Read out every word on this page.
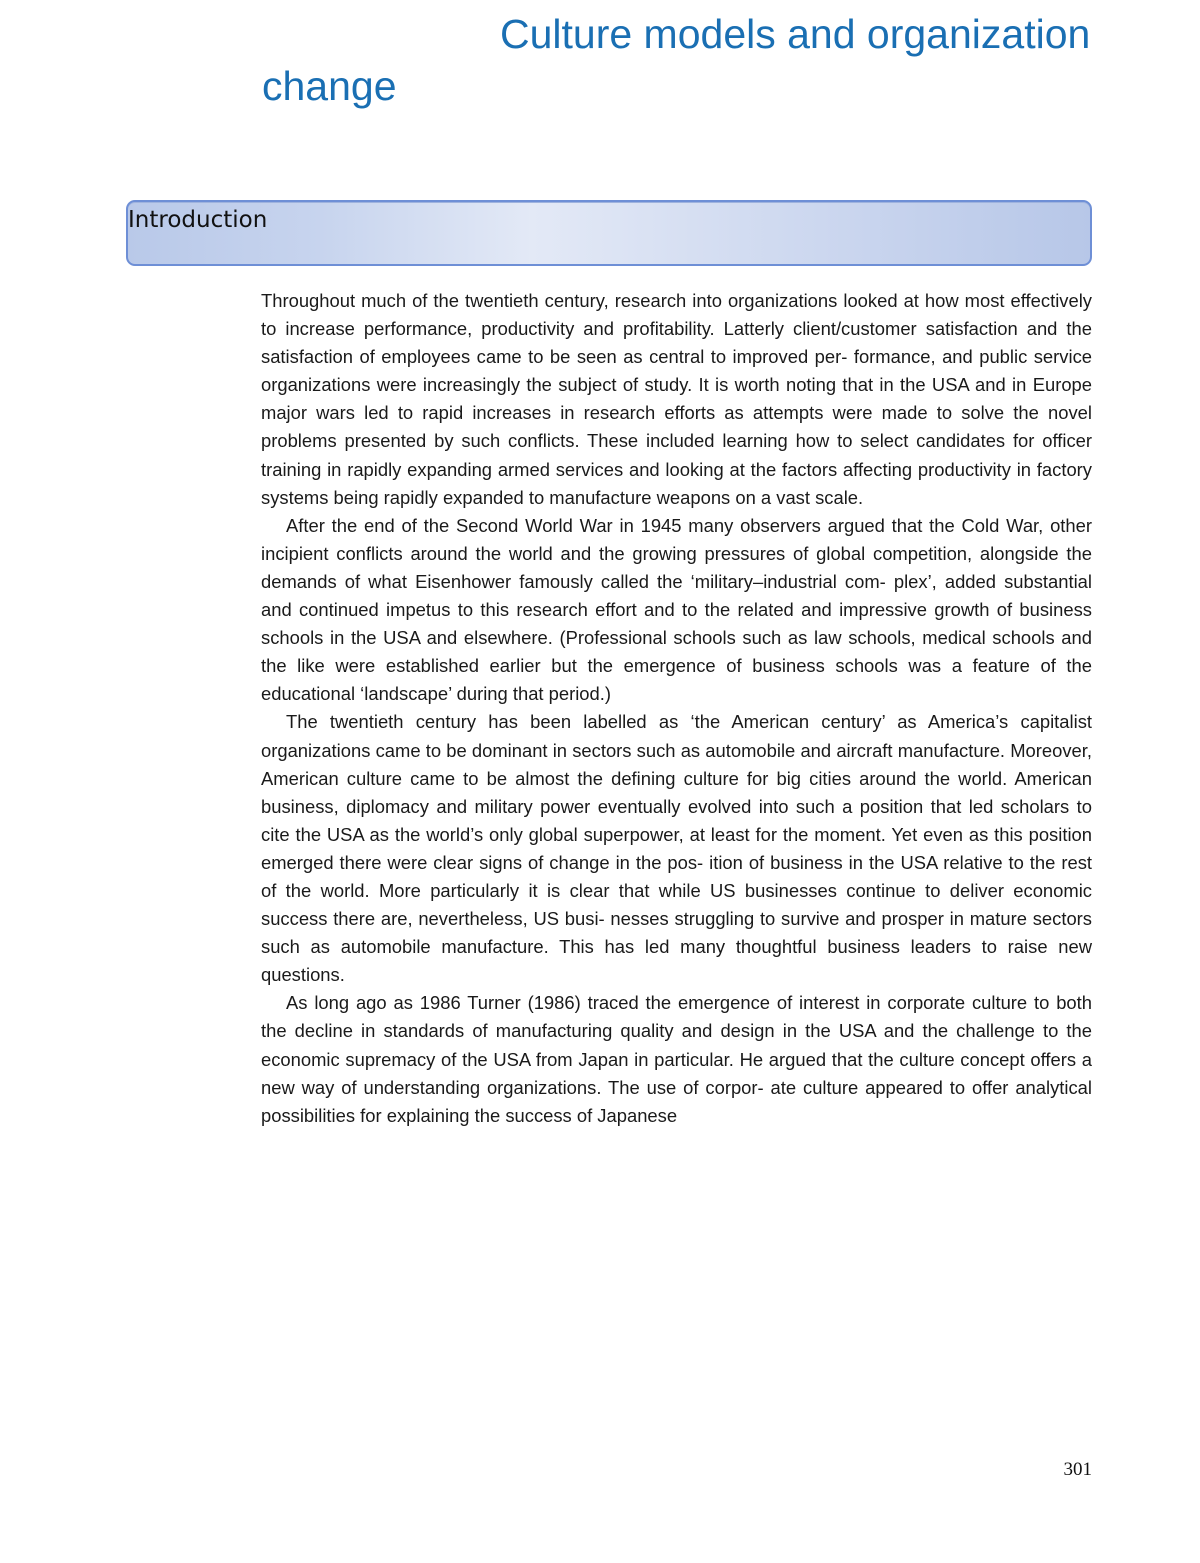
Culture models and organization change
Introduction

Throughout much of the twentieth century, research into organizations looked at how most effectively to increase performance, productivity and profitability. Latterly client/customer satisfaction and the satisfaction of employees came to be seen as central to improved per- formance, and public service organizations were increasingly the subject of study. It is worth noting that in the USA and in Europe major wars led to rapid increases in research efforts as attempts were made to solve the novel problems presented by such conflicts. These included learning how to select candidates for officer training in rapidly expanding armed services and looking at the factors affecting productivity in factory systems being rapidly expanded to manufacture weapons on a vast scale.

After the end of the Second World War in 1945 many observers argued that the Cold War, other incipient conflicts around the world and the growing pressures of global competition, alongside the demands of what Eisenhower famously called the ‘military–industrial com- plex’, added substantial and continued impetus to this research effort and to the related and impressive growth of business schools in the USA and elsewhere. (Professional schools such as law schools, medical schools and the like were established earlier but the emergence of business schools was a feature of the educational ‘landscape’ during that period.)

The twentieth century has been labelled as ‘the American century’ as America’s capitalist organizations came to be dominant in sectors such as automobile and aircraft manufacture. Moreover, American culture came to be almost the defining culture for big cities around the world. American business, diplomacy and military power eventually evolved into such a position that led scholars to cite the USA as the world’s only global superpower, at least for the moment. Yet even as this position emerged there were clear signs of change in the pos- ition of business in the USA relative to the rest of the world. More particularly it is clear that while US businesses continue to deliver economic success there are, nevertheless, US busi- nesses struggling to survive and prosper in mature sectors such as automobile manufacture. This has led many thoughtful business leaders to raise new questions.

As long ago as 1986 Turner (1986) traced the emergence of interest in corporate culture to both the decline in standards of manufacturing quality and design in the USA and the challenge to the economic supremacy of the USA from Japan in particular. He argued that the culture concept offers a new way of understanding organizations. The use of corpor- ate culture appeared to offer analytical possibilities for explaining the success of Japanese

301
